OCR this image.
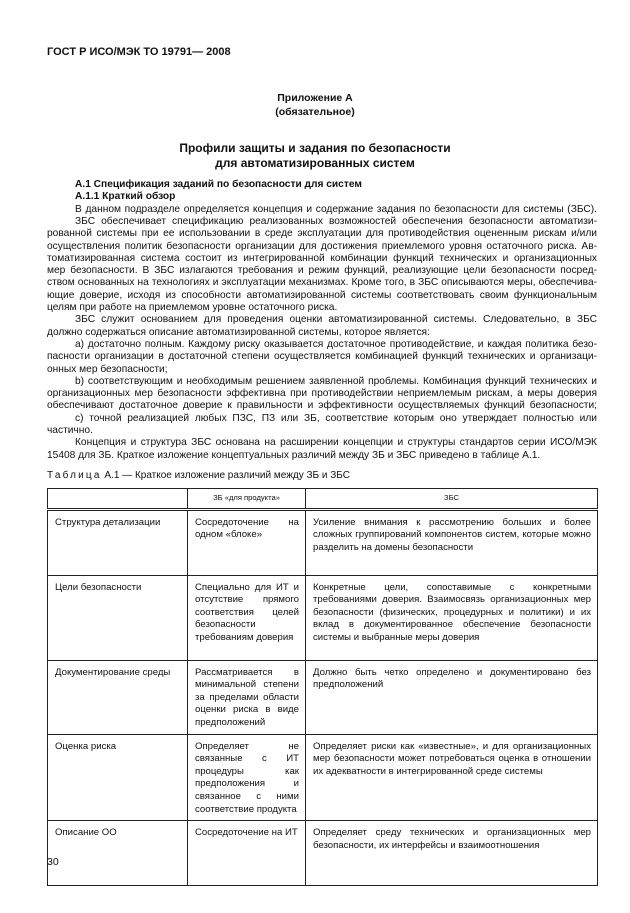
ГОСТ Р ИСО/МЭК ТО 19791— 2008
Приложение А
(обязательное)
Профили защиты и задания по безопасности
для автоматизированных систем
А.1 Спецификация заданий по безопасности для систем
А.1.1 Краткий обзор
В данном подразделе определяется концепция и содержание задания по безопасности для системы (ЗБС).
ЗБС обеспечивает спецификацию реализованных возможностей обеспечения безопасности автоматизи-
рованной системы при ее использовании в среде эксплуатации для противодействия оцененным рискам и/или
осуществления политик безопасности организации для достижения приемлемого уровня остаточного риска. Ав-
томатизированная система состоит из интегрированной комбинации функций технических и организационных
мер безопасности. В ЗБС излагаются требования и режим функций, реализующие цели безопасности посред-
ством основанных на технологиях и эксплуатации механизмах. Кроме того, в ЗБС описываются меры, обеспечива-
ющие доверие, исходя из способности автоматизированной системы соответствовать своим функциональным
целям при работе на приемлемом уровне остаточного риска.
ЗБС служит основанием для проведения оценки автоматизированной системы. Следовательно, в ЗБС
должно содержаться описание автоматизированной системы, которое является:
a) достаточно полным. Каждому риску оказывается достаточное противодействие, и каждая политика безо-
пасности организации в достаточной степени осуществляется комбинацией функций технических и организаци-
онных мер безопасности;
b) соответствующим и необходимым решением заявленной проблемы. Комбинация функций технических и
организационных мер безопасности эффективна при противодействии неприемлемым рискам, а меры доверия
обеспечивают достаточное доверие к правильности и эффективности осуществляемых функций безопасности;
c) точной реализацией любых ПЗС, ПЗ или ЗБ, соответствие которым оно утверждает полностью или
частично.
Концепция и структура ЗБС основана на расширении концепции и структуры стандартов серии ИСО/МЭК
15408 для ЗБ. Краткое изложение концептуальных различий между ЗБ и ЗБС приведено в таблице А.1.
Таблица А.1 — Краткое изложение различий между ЗБ и ЗБС
	ЗБ «для продукта»	ЗБС
Структура детализации	Сосредоточение на одном «блоке»	Усиление внимания к рассмотрению больших и более сложных группирований компонентов систем, которые можно разделить на домены безопасности
Цели безопасности	Специально для ИТ и отсутствие прямого соответствия целей безопасности требованиям доверия	Конкретные цели, сопоставимые с конкретными требованиями доверия. Взаимосвязь организационных мер безопасности (физических, процедурных и политики) и их вклад в документированное обеспечение безопасности системы и выбранные меры доверия
Документирование среды	Рассматривается в минимальной степени за пределами области оценки риска в виде предположений	Должно быть четко определено и документировано без предположений
Оценка риска	Определяет не связанные с ИТ процедуры как предположения и связанное с ними соответствие продукта	Определяет риски как «известные», и для организационных мер безопасности может потребоваться оценка в отношении их адекватности в интегрированной среде системы
Описание ОО	Сосредоточение на ИТ	Определяет среду технических и организационных мер безопасности, их интерфейсы и взаимоотношения
30
